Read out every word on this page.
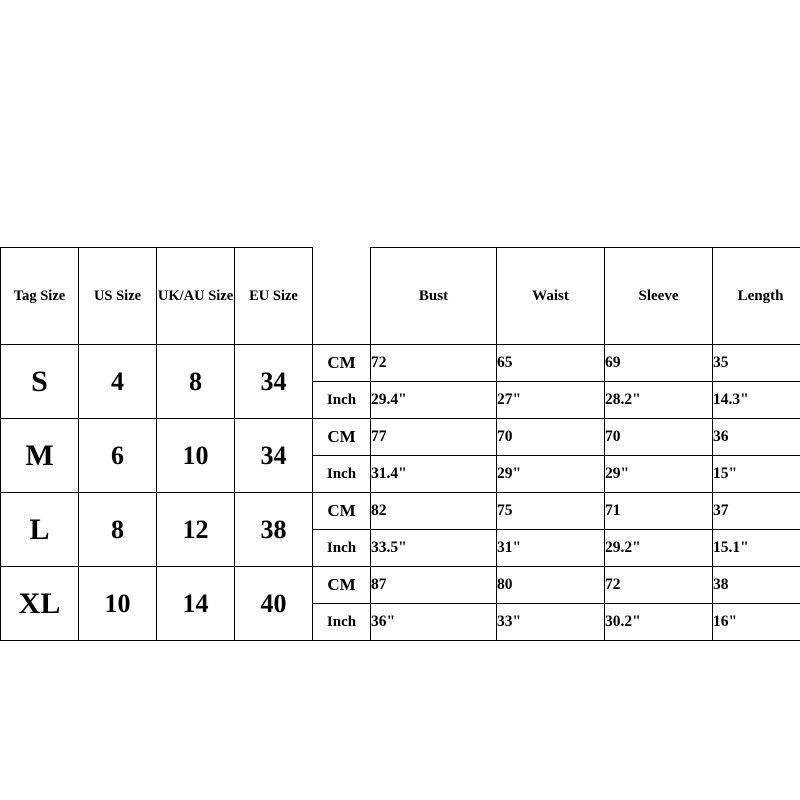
Tag Size	US Size	UK/AU Size	EU Size		Bust	Waist	Sleeve	Length
S	4	8	34	CM	72	65	69	35
				Inch	29.4"	27"	28.2"	14.3"
M	6	10	34	CM	77	70	70	36
				Inch	31.4"	29"	29"	15"
L	8	12	38	CM	82	75	71	37
				Inch	33.5"	31"	29.2"	15.1"
XL	10	14	40	CM	87	80	72	38
				Inch	36"	33"	30.2"	16"
